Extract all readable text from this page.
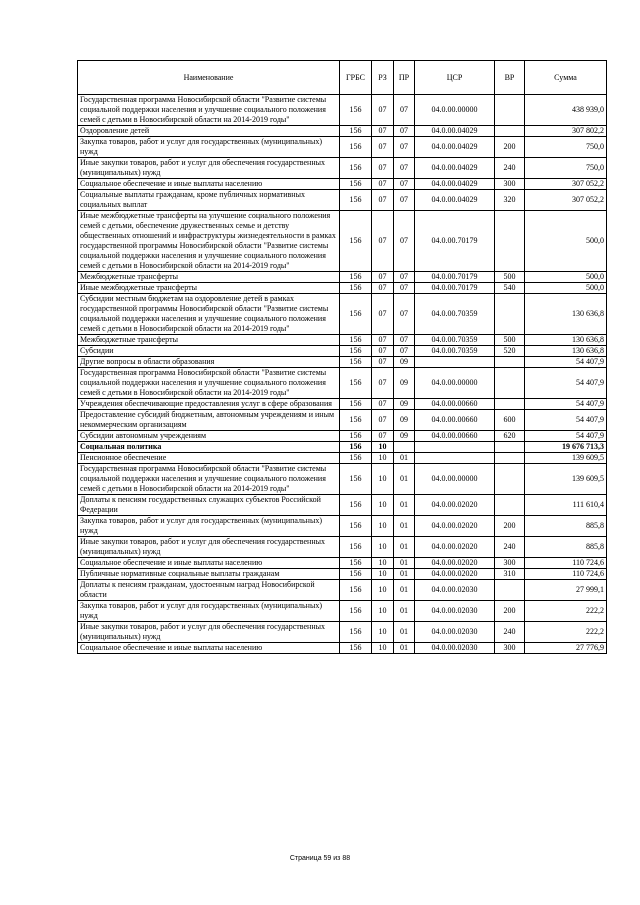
Наименование	ГРБС	РЗ	ПР	ЦСР	ВР	Сумма
Государственная программа Новосибирской области "Развитие системы социальной поддержки населения и улучшение социального положения семей с детьми в Новосибирской области на 2014-2019 годы"	156	07	07	04.0.00.00000		438 939,0
Оздоровление детей	156	07	07	04.0.00.04029		307 802,2
Закупка товаров, работ и услуг для государственных (муниципальных) нужд	156	07	07	04.0.00.04029	200	750,0
Иные закупки товаров, работ и услуг для обеспечения государственных (муниципальных) нужд	156	07	07	04.0.00.04029	240	750,0
Социальное обеспечение и иные выплаты населению	156	07	07	04.0.00.04029	300	307 052,2
Социальные выплаты гражданам, кроме публичных нормативных социальных выплат	156	07	07	04.0.00.04029	320	307 052,2
Иные межбюджетные трансферты на улучшение социального положения семей с детьми, обеспечение дружественных семье и детству общественных отношений и инфраструктуры жизнедеятельности в рамках государственной программы Новосибирской области "Развитие системы социальной поддержки населения и улучшение социального положения семей с детьми в Новосибирской области на 2014-2019 годы"	156	07	07	04.0.00.70179		500,0
Межбюджетные трансферты	156	07	07	04.0.00.70179	500	500,0
Иные межбюджетные трансферты	156	07	07	04.0.00.70179	540	500,0
Субсидии местным бюджетам на оздоровление детей в рамках государственной программы Новосибирской области "Развитие системы социальной поддержки населения и улучшение социального положения семей с детьми в Новосибирской области на 2014-2019 годы"	156	07	07	04.0.00.70359		130 636,8
Межбюджетные трансферты	156	07	07	04.0.00.70359	500	130 636,8
Субсидии	156	07	07	04.0.00.70359	520	130 636,8
Другие вопросы в области образования	156	07	09			54 407,9
Государственная программа Новосибирской области "Развитие системы социальной поддержки населения и улучшение социального положения семей с детьми в Новосибирской области на 2014-2019 годы"	156	07	09	04.0.00.00000		54 407,9
Учреждения обеспечивающие предоставления услуг в сфере образования	156	07	09	04.0.00.00660		54 407,9
Предоставление субсидий бюджетным, автономным учреждениям и иным некоммерческим организациям	156	07	09	04.0.00.00660	600	54 407,9
Субсидии автономным учреждениям	156	07	09	04.0.00.00660	620	54 407,9
Социальная политика	156	10				19 676 713,3
Пенсионное обеспечение	156	10	01			139 609,5
Государственная программа Новосибирской области "Развитие системы социальной поддержки населения и улучшение социального положения семей с детьми в Новосибирской области на 2014-2019 годы"	156	10	01	04.0.00.00000		139 609,5
Доплаты к пенсиям государственных служащих субъектов Российской Федерации	156	10	01	04.0.00.02020		111 610,4
Закупка товаров, работ и услуг для государственных (муниципальных) нужд	156	10	01	04.0.00.02020	200	885,8
Иные закупки товаров, работ и услуг для обеспечения государственных (муниципальных) нужд	156	10	01	04.0.00.02020	240	885,8
Социальное обеспечение и иные выплаты населению	156	10	01	04.0.00.02020	300	110 724,6
Публичные нормативные социальные выплаты гражданам	156	10	01	04.0.00.02020	310	110 724,6
Доплаты к пенсиям гражданам, удостоенным наград Новосибирской области	156	10	01	04.0.00.02030		27 999,1
Закупка товаров, работ и услуг для государственных (муниципальных) нужд	156	10	01	04.0.00.02030	200	222,2
Иные закупки товаров, работ и услуг для обеспечения государственных (муниципальных) нужд	156	10	01	04.0.00.02030	240	222,2
Социальное обеспечение и иные выплаты населению	156	10	01	04.0.00.02030	300	27 776,9
Страница 59 из 88
